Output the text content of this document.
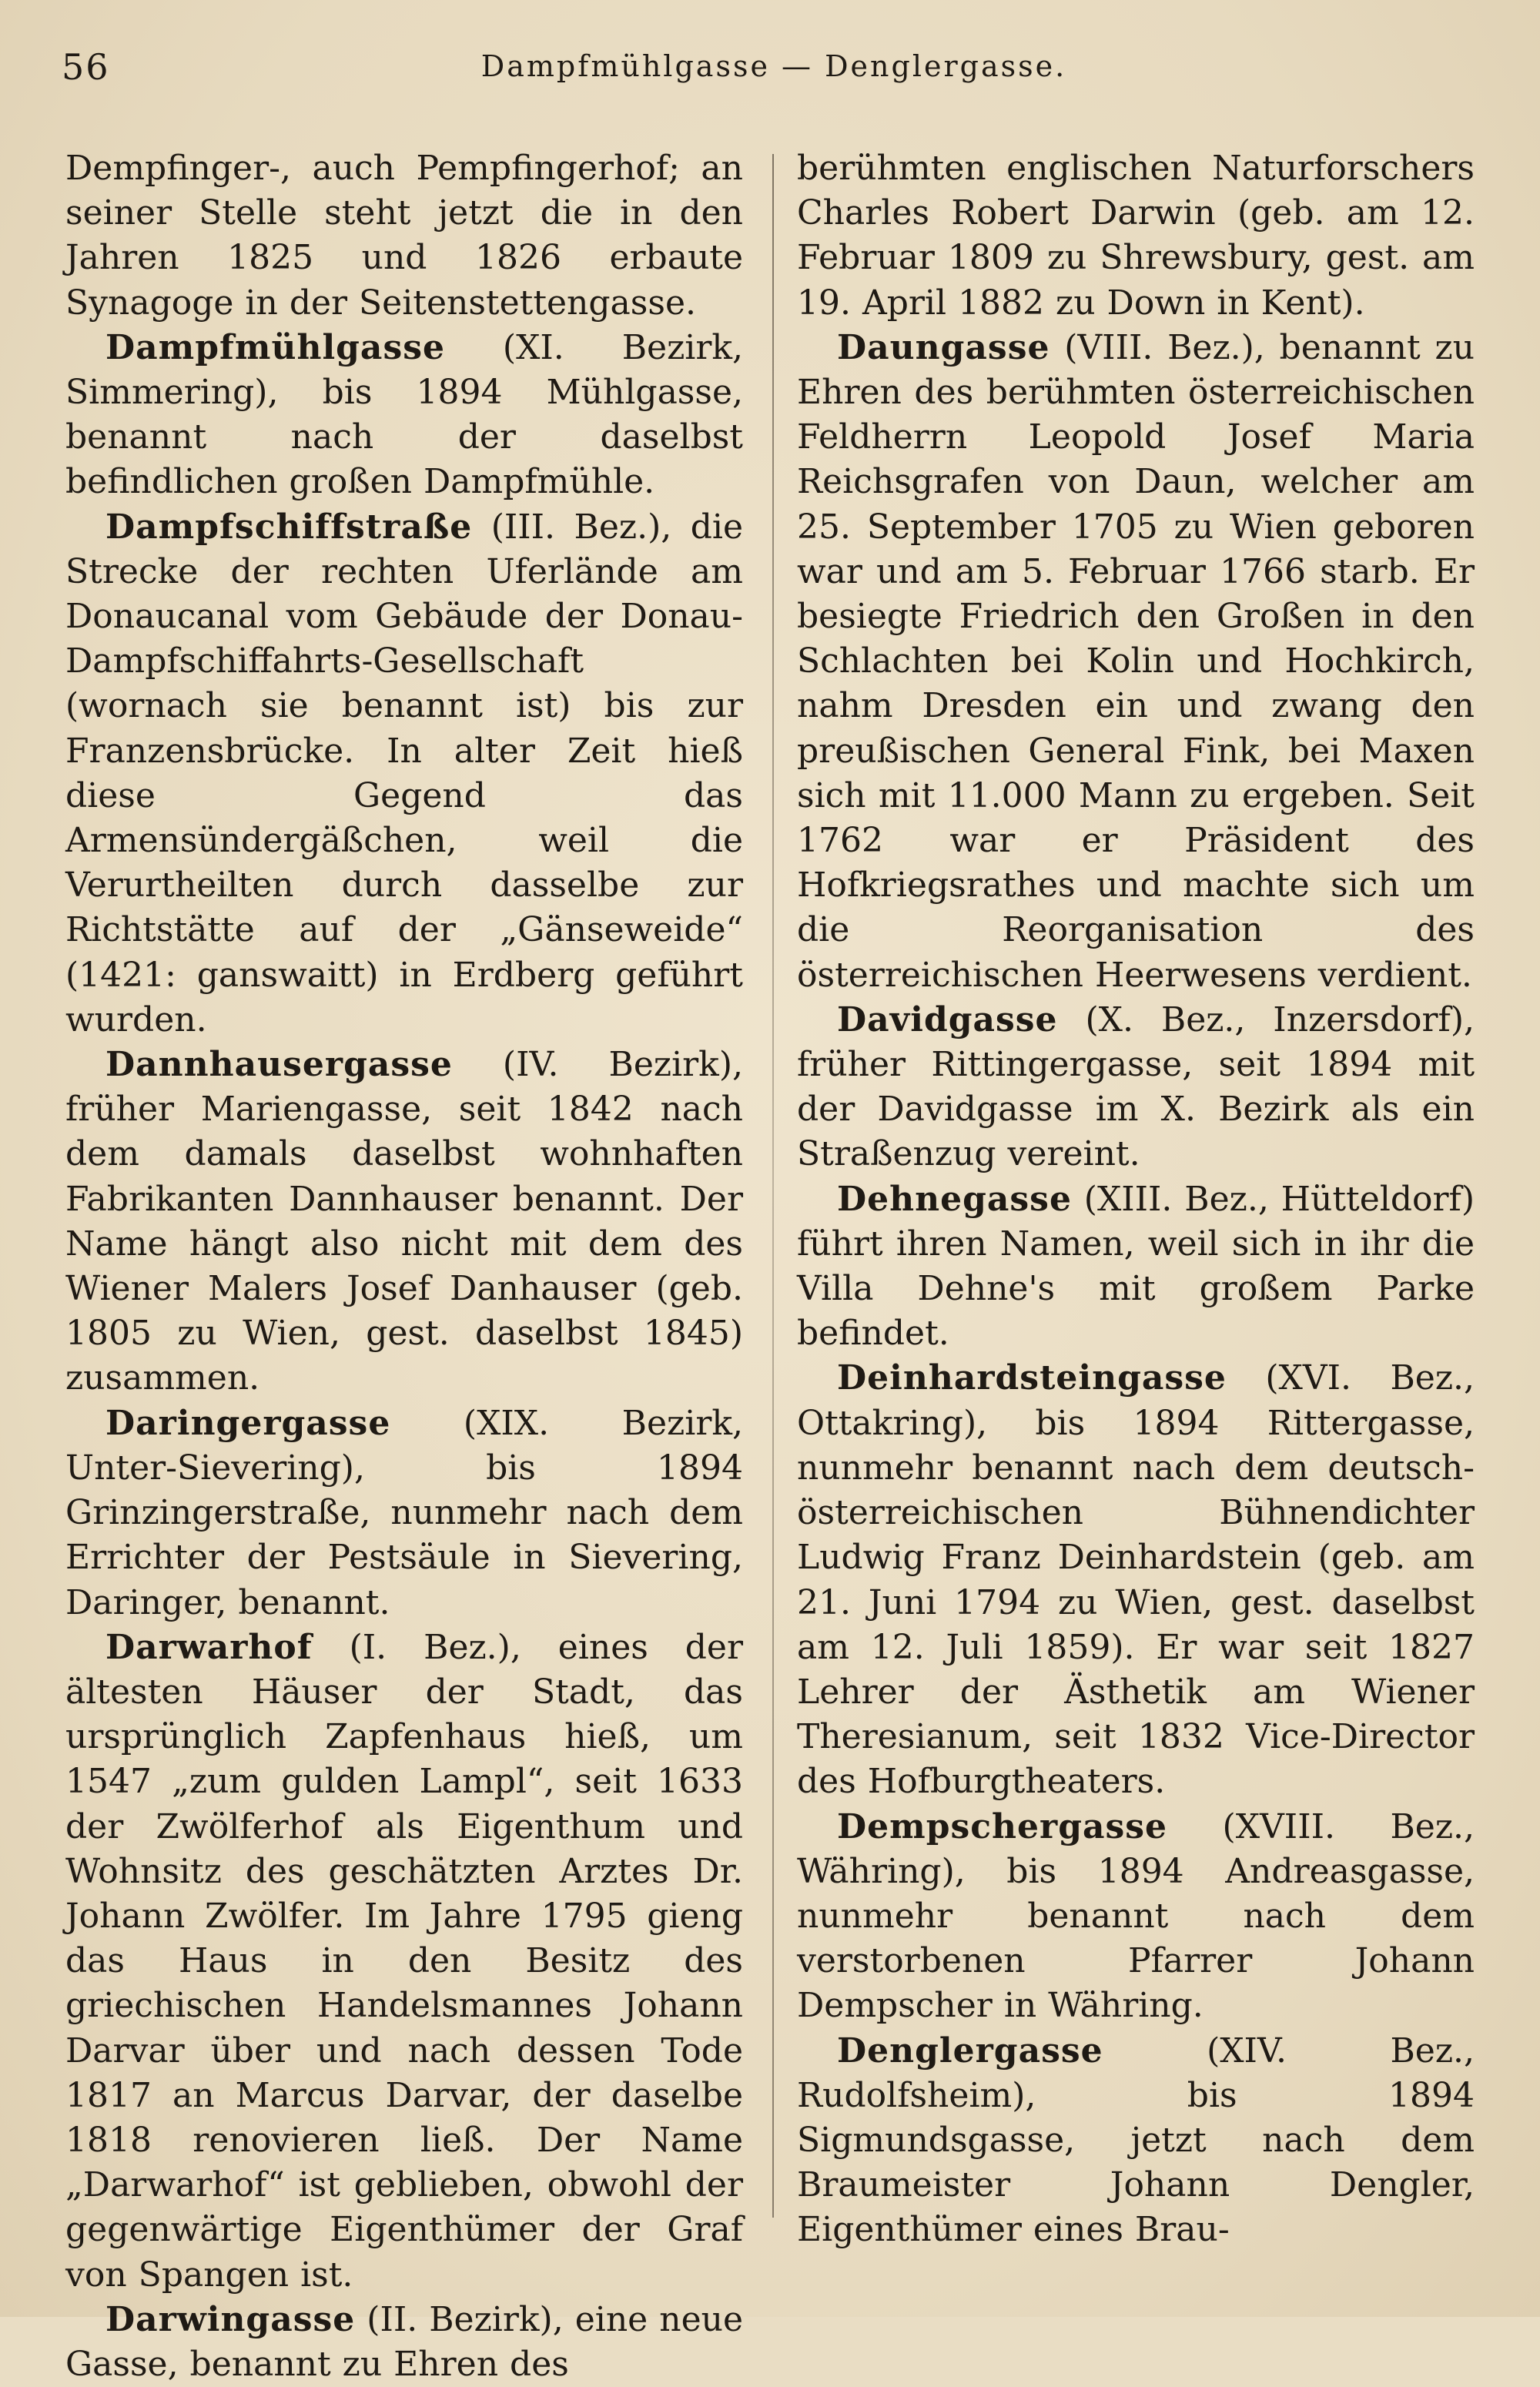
56	Dampfmühlgasse — Denglergasse.

Dempfinger-, auch Pempfingerhof; an seiner Stelle steht jetzt die in den Jahren 1825 und 1826 erbaute Synagoge in der Seitenstettengasse.

Dampfmühlgasse (XI. Bezirk, Simmering), bis 1894 Mühlgasse, benannt nach der daselbst befindlichen großen Dampfmühle.

Dampfschiffstraße (III. Bez.), die Strecke der rechten Uferlände am Donaucanal vom Gebäude der Donau-Dampfschiffahrts-Gesellschaft (wornach sie benannt ist) bis zur Franzensbrücke. In alter Zeit hieß diese Gegend das Armensündergäßchen, weil die Verurtheilten durch dasselbe zur Richtstätte auf der „Gänseweide“ (1421: ganswaitt) in Erdberg geführt wurden.

Dannhausergasse (IV. Bezirk), früher Mariengasse, seit 1842 nach dem damals daselbst wohnhaften Fabrikanten Dannhauser benannt. Der Name hängt also nicht mit dem des Wiener Malers Josef Danhauser (geb. 1805 zu Wien, gest. daselbst 1845) zusammen.

Daringergasse (XIX. Bezirk, Unter-Sievering), bis 1894 Grinzingerstraße, nunmehr nach dem Errichter der Pestsäule in Sievering, Daringer, benannt.

Darwarhof (I. Bez.), eines der ältesten Häuser der Stadt, das ursprünglich Zapfenhaus hieß, um 1547 „zum gulden Lampl“, seit 1633 der Zwölferhof als Eigenthum und Wohnsitz des geschätzten Arztes Dr. Johann Zwölfer. Im Jahre 1795 gieng das Haus in den Besitz des griechischen Handelsmannes Johann Darvar über und nach dessen Tode 1817 an Marcus Darvar, der daselbe 1818 renovieren ließ. Der Name „Darwarhof“ ist geblieben, obwohl der gegenwärtige Eigenthümer der Graf von Spangen ist.

Darwingasse (II. Bezirk), eine neue Gasse, benannt zu Ehren des

berühmten englischen Naturforschers Charles Robert Darwin (geb. am 12. Februar 1809 zu Shrewsbury, gest. am 19. April 1882 zu Down in Kent).

Daungasse (VIII. Bez.), benannt zu Ehren des berühmten österreichischen Feldherrn Leopold Josef Maria Reichsgrafen von Daun, welcher am 25. September 1705 zu Wien geboren war und am 5. Februar 1766 starb. Er besiegte Friedrich den Großen in den Schlachten bei Kolin und Hochkirch, nahm Dresden ein und zwang den preußischen General Fink, bei Maxen sich mit 11.000 Mann zu ergeben. Seit 1762 war er Präsident des Hofkriegsrathes und machte sich um die Reorganisation des österreichischen Heerwesens verdient.

Davidgasse (X. Bez., Inzersdorf), früher Rittingergasse, seit 1894 mit der Davidgasse im X. Bezirk als ein Straßenzug vereint.

Dehnegasse (XIII. Bez., Hütteldorf) führt ihren Namen, weil sich in ihr die Villa Dehne's mit großem Parke befindet.

Deinhardsteingasse (XVI. Bez., Ottakring), bis 1894 Rittergasse, nunmehr benannt nach dem deutsch-österreichischen Bühnendichter Ludwig Franz Deinhardstein (geb. am 21. Juni 1794 zu Wien, gest. daselbst am 12. Juli 1859). Er war seit 1827 Lehrer der Ästhetik am Wiener Theresianum, seit 1832 Vice-Director des Hofburgtheaters.

Dempschergasse (XVIII. Bez., Währing), bis 1894 Andreasgasse, nunmehr benannt nach dem verstorbenen Pfarrer Johann Dempscher in Währing.

Denglergasse (XIV. Bez., Rudolfsheim), bis 1894 Sigmundsgasse, jetzt nach dem Braumeister Johann Dengler, Eigenthümer eines Brau-
